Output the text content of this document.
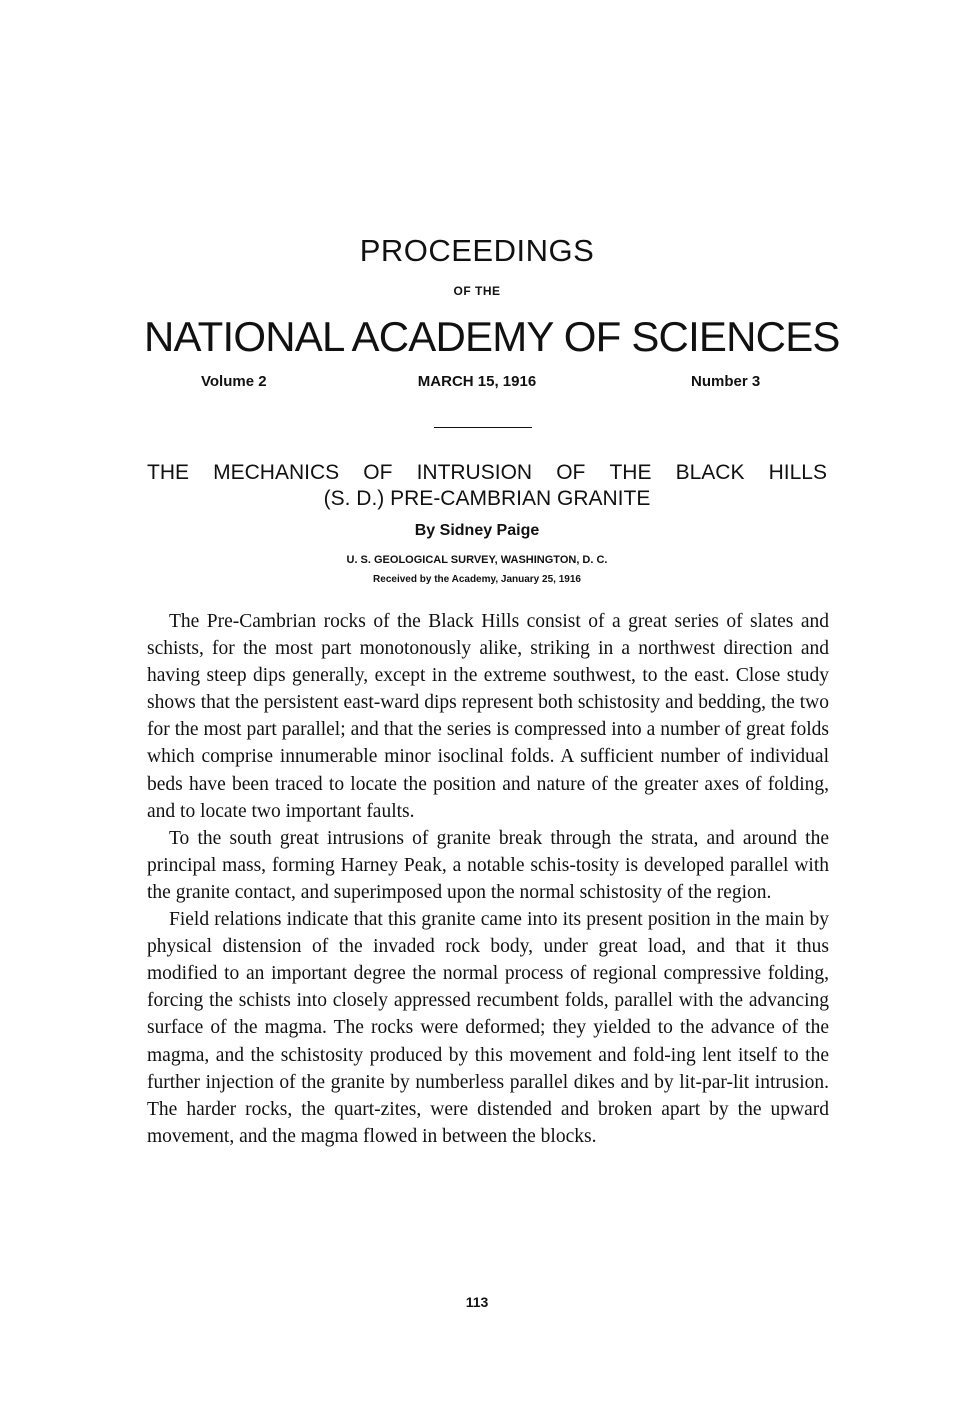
PROCEEDINGS
OF THE
NATIONAL ACADEMY OF SCIENCES
Volume 2	MARCH 15, 1916	Number 3
THE MECHANICS OF INTRUSION OF THE BLACK HILLS
(S. D.) PRE-CAMBRIAN GRANITE
By Sidney Paige
U. S. GEOLOGICAL SURVEY, WASHINGTON, D. C.
Received by the Academy, January 25, 1916

The Pre-Cambrian rocks of the Black Hills consist of a great series of slates and schists, for the most part monotonously alike, striking in a northwest direction and having steep dips generally, except in the extreme southwest, to the east. Close study shows that the persistent east-ward dips represent both schistosity and bedding, the two for the most part parallel; and that the series is compressed into a number of great folds which comprise innumerable minor isoclinal folds. A sufficient number of individual beds have been traced to locate the position and nature of the greater axes of folding, and to locate two important faults.

To the south great intrusions of granite break through the strata, and around the principal mass, forming Harney Peak, a notable schis-tosity is developed parallel with the granite contact, and superimposed upon the normal schistosity of the region.

Field relations indicate that this granite came into its present position in the main by physical distension of the invaded rock body, under great load, and that it thus modified to an important degree the normal process of regional compressive folding, forcing the schists into closely appressed recumbent folds, parallel with the advancing surface of the magma. The rocks were deformed; they yielded to the advance of the magma, and the schistosity produced by this movement and fold-ing lent itself to the further injection of the granite by numberless parallel dikes and by lit-par-lit intrusion. The harder rocks, the quart-zites, were distended and broken apart by the upward movement, and the magma flowed in between the blocks.

113
